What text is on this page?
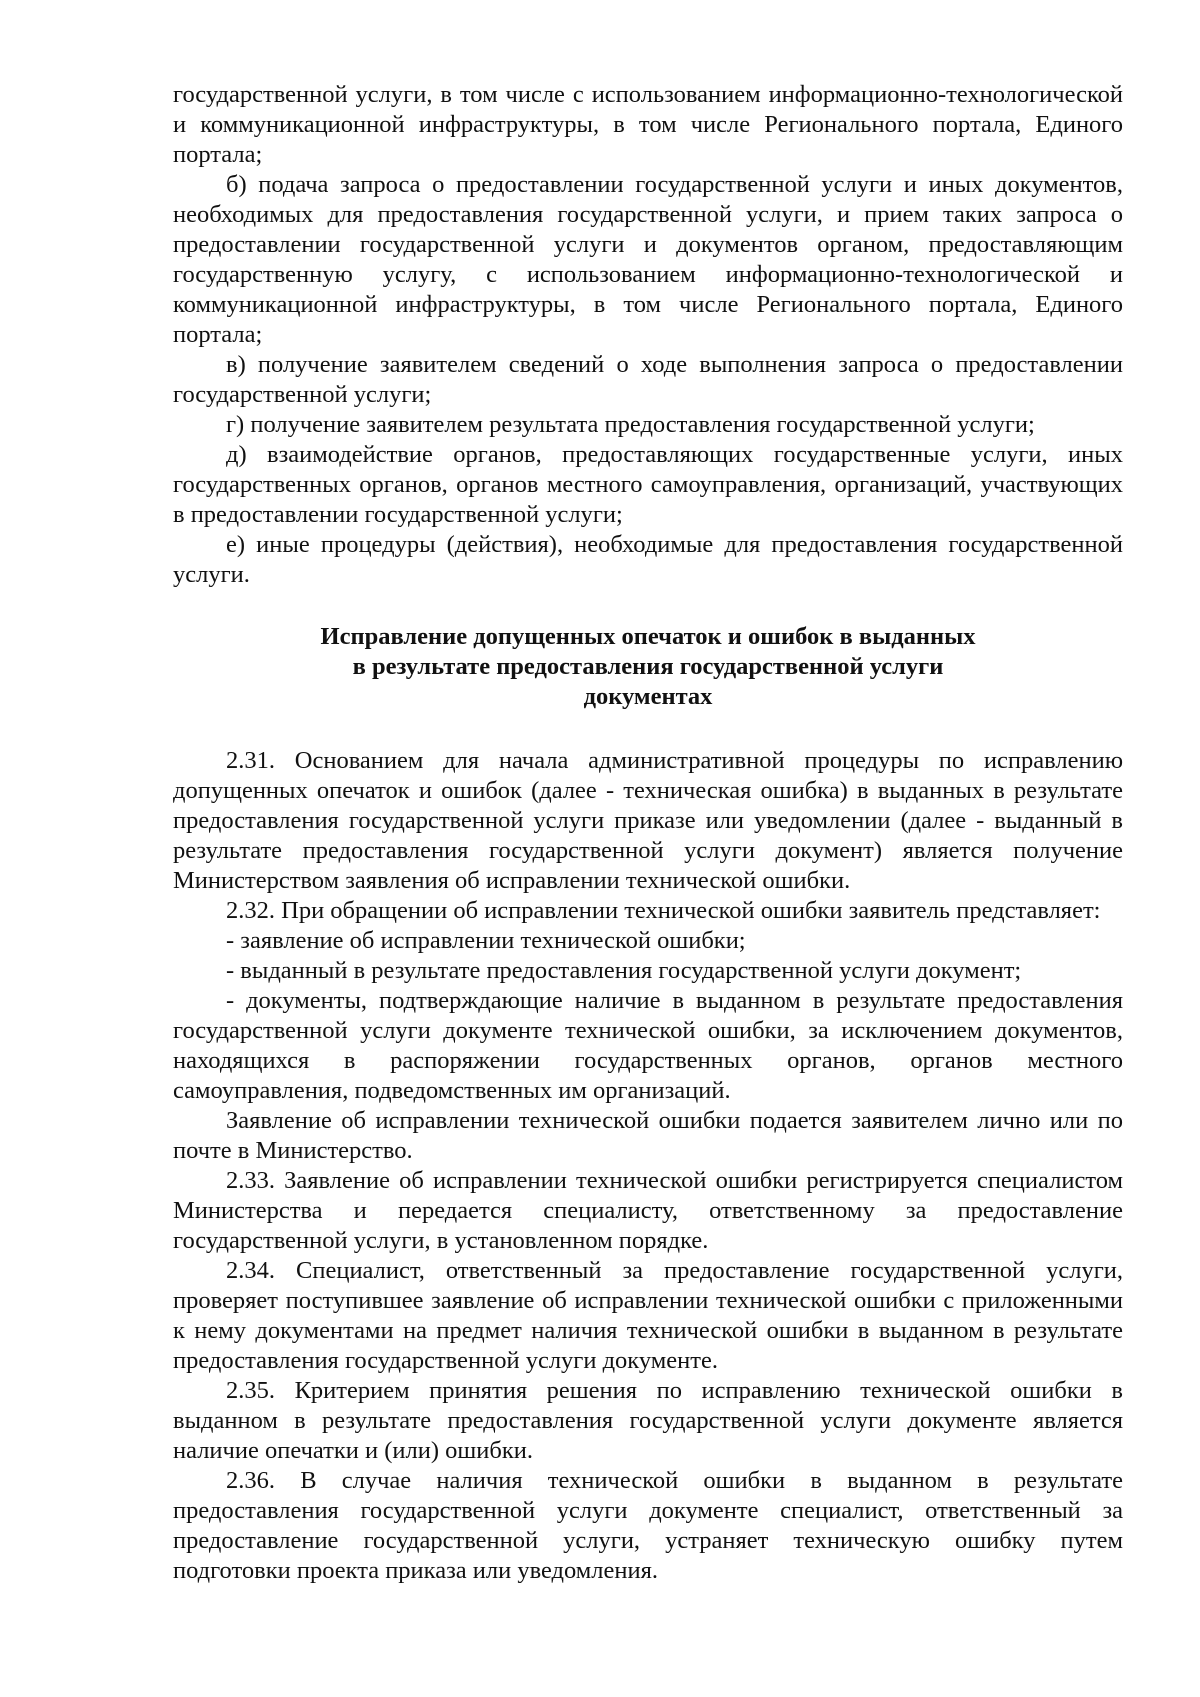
государственной услуги, в том числе с использованием информационно-технологической и коммуникационной инфраструктуры, в том числе Регионального портала, Единого портала;

б) подача запроса о предоставлении государственной услуги и иных документов, необходимых для предоставления государственной услуги, и прием таких запроса о предоставлении государственной услуги и документов органом, предоставляющим государственную услугу, с использованием информационно-технологической и коммуникационной инфраструктуры, в том числе Регионального портала, Единого портала;

в) получение заявителем сведений о ходе выполнения запроса о предоставлении государственной услуги;

г) получение заявителем результата предоставления государственной услуги;

д) взаимодействие органов, предоставляющих государственные услуги, иных государственных органов, органов местного самоуправления, организаций, участвующих в предоставлении государственной услуги;

е) иные процедуры (действия), необходимые для предоставления государственной услуги.

Исправление допущенных опечаток и ошибок в выданных
в результате предоставления государственной услуги
документах

2.31. Основанием для начала административной процедуры по исправлению допущенных опечаток и ошибок (далее - техническая ошибка) в выданных в результате предоставления государственной услуги приказе или уведомлении (далее - выданный в результате предоставления государственной услуги документ) является получение Министерством заявления об исправлении технической ошибки.

2.32. При обращении об исправлении технической ошибки заявитель представляет:

- заявление об исправлении технической ошибки;

- выданный в результате предоставления государственной услуги документ;

- документы, подтверждающие наличие в выданном в результате предоставления государственной услуги документе технической ошибки, за исключением документов, находящихся в распоряжении государственных органов, органов местного самоуправления, подведомственных им организаций.

Заявление об исправлении технической ошибки подается заявителем лично или по почте в Министерство.

2.33. Заявление об исправлении технической ошибки регистрируется специалистом Министерства и передается специалисту, ответственному за предоставление государственной услуги, в установленном порядке.

2.34. Специалист, ответственный за предоставление государственной услуги, проверяет поступившее заявление об исправлении технической ошибки с приложенными к нему документами на предмет наличия технической ошибки в выданном в результате предоставления государственной услуги документе.

2.35. Критерием принятия решения по исправлению технической ошибки в выданном в результате предоставления государственной услуги документе является наличие опечатки и (или) ошибки.

2.36. В случае наличия технической ошибки в выданном в результате предоставления государственной услуги документе специалист, ответственный за предоставление государственной услуги, устраняет техническую ошибку путем подготовки проекта приказа или уведомления.
